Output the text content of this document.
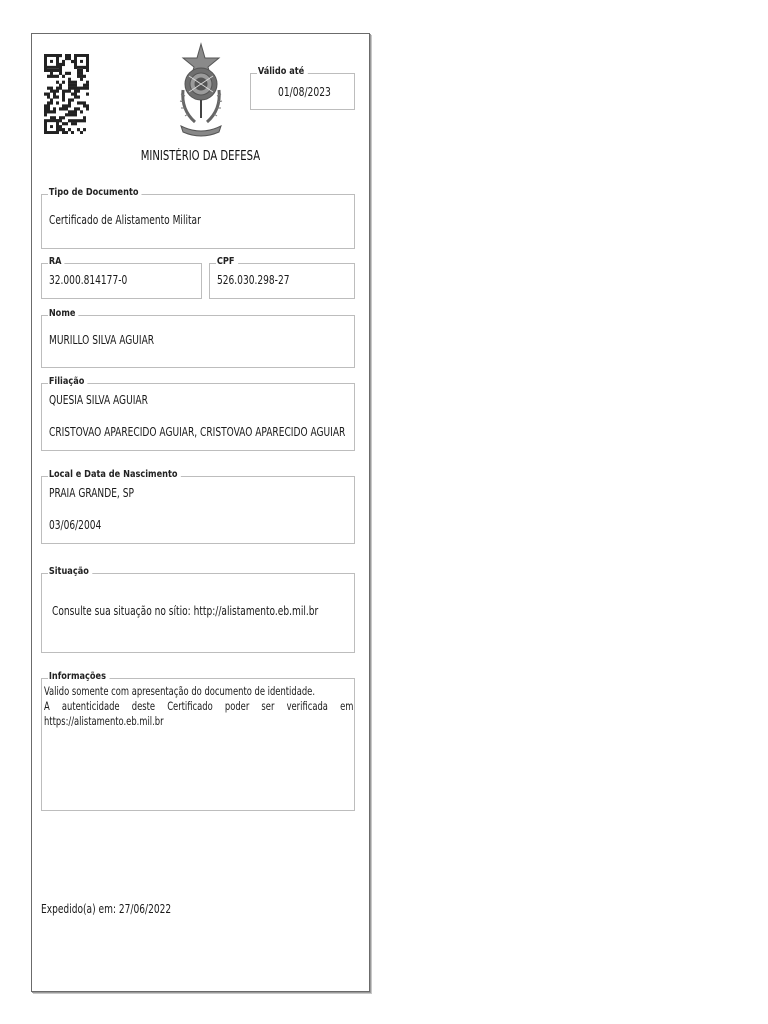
Válido até
01/08/2023
MINISTÉRIO DA DEFESA
Tipo de Documento
Certificado de Alistamento Militar
RA
32.000.814177-0
CPF
526.030.298-27
Nome
MURILLO SILVA AGUIAR
Filiação
QUESIA SILVA AGUIAR
CRISTOVAO APARECIDO AGUIAR, CRISTOVAO APARECIDO AGUIAR
Local e Data de Nascimento
PRAIA GRANDE, SP
03/06/2004
Situação
Consulte sua situação no sítio: http://alistamento.eb.mil.br
Informações

Valido somente com apresentação do documento de identidade.

A autenticidade deste Certificado poder ser verificada em

https://alistamento.eb.mil.br

Expedido(a) em: 27/06/2022
